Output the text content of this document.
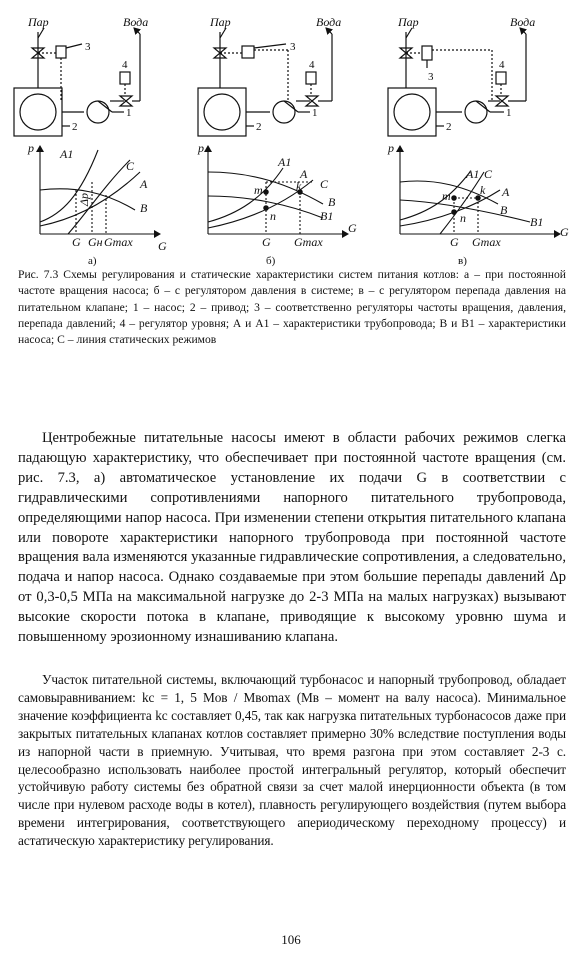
Пар	Вода
3
2
1
4
p
G
A1
C
A
B
Δp
G Gн Gmax
а)
Пар	Вода
3
2
1
4
p
G
A1
A
C
B
B1
m	k
n
G Gmax
б)
Пар	Вода
3
2
1
4
p
G
A1 C
A
B
B1
m k
n
G Gmax
в)
Рис. 7.3 Схемы регулирования и статические характеристики систем питания котлов: а – при постоянной частоте вращения насоса; б – с регулятором давления в системе; в – с регулятором перепада давления на питательном клапане; 1 – насос; 2 – привод; 3 – соответственно регуляторы частоты вращения, давления, перепада давлений; 4 – регулятор уровня; А и А1 – характеристики трубопровода; В и В1 – характеристики насоса; С – линия статических режимов
Центробежные питательные насосы имеют в области рабочих режимов слегка падающую характеристику, что обеспечивает при постоянной частоте вращения (см. рис. 7.3, а) автоматическое установление их подачи G в соответствии с гидравлическими сопротивлениями напорного питательного трубопровода, определяющими напор насоса. При изменении степени открытия питательного клапана или повороте характеристики напорного трубопровода при постоянной частоте вращения вала изменяются указанные гидравлические сопротивления, а следовательно, подача и напор насоса. Однако создаваемые при этом большие перепады давлений Δp от 0,3-0,5 МПа на максимальной нагрузке до 2-3 МПа на малых нагрузках) вызывают высокие скорости потока в клапане, приводящие к высокому уровню шума и повышенному эрозионному изнашиванию клапана.
Участок питательной системы, включающий турбонасос и напорный трубопровод, обладает самовыравниванием: kс = 1, 5 Mов / Mвоmax (Mв – момент на валу насоса). Минимальное значение коэффициента kс составляет 0,45, так как нагрузка питательных турбонасосов даже при закрытых питательных клапанах котлов составляет примерно 30% вследствие поступления воды из напорной части в приемную. Учитывая, что время разгона при этом составляет 2-3 с. целесообразно использовать наиболее простой интегральный регулятор, который обеспечит устойчивую работу системы без обратной связи за счет малой инерционности объекта (в том числе при нулевом расходе воды в котел), плавность регулирующего воздействия (путем выбора времени интегрирования, соответствующего апериодическому переходному процессу) и астатическую характеристику регулирования.
106
